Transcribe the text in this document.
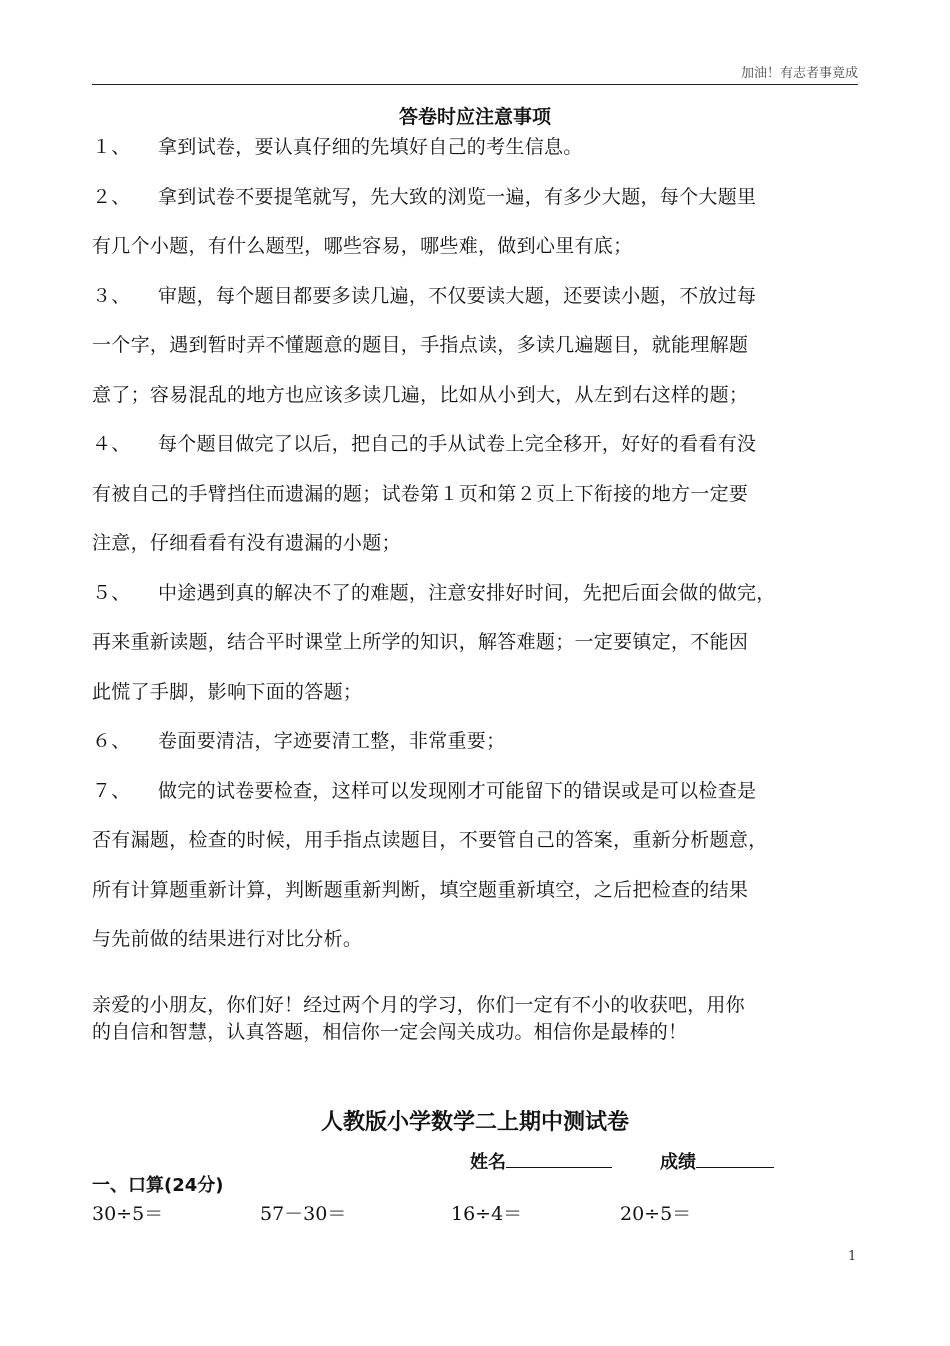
加油！有志者事竟成
答卷时应注意事项

１、 拿到试卷，要认真仔细的先填好自己的考生信息。

２、 拿到试卷不要提笔就写，先大致的浏览一遍，有多少大题，每个大题里

有几个小题，有什么题型，哪些容易，哪些难，做到心里有底；

３、 审题，每个题目都要多读几遍，不仅要读大题，还要读小题，不放过每

一个字，遇到暂时弄不懂题意的题目，手指点读，多读几遍题目，就能理解题

意了；容易混乱的地方也应该多读几遍，比如从小到大，从左到右这样的题；

４、 每个题目做完了以后，把自己的手从试卷上完全移开，好好的看看有没

有被自己的手臂挡住而遗漏的题；试卷第１页和第２页上下衔接的地方一定要

注意，仔细看看有没有遗漏的小题；

５、 中途遇到真的解决不了的难题，注意安排好时间，先把后面会做的做完，

再来重新读题，结合平时课堂上所学的知识，解答难题；一定要镇定，不能因

此慌了手脚，影响下面的答题；

６、 卷面要清洁，字迹要清工整，非常重要；

７、 做完的试卷要检查，这样可以发现刚才可能留下的错误或是可以检查是

否有漏题，检查的时候，用手指点读题目，不要管自己的答案，重新分析题意，

所有计算题重新计算，判断题重新判断，填空题重新填空，之后把检查的结果

与先前做的结果进行对比分析。

亲爱的小朋友，你们好！经过两个月的学习，你们一定有不小的收获吧，用你
的自信和智慧，认真答题，相信你一定会闯关成功。相信你是最棒的！
人教版小学数学二上期中测试卷
姓名	成绩
一、口算(24分)
30÷5＝	57－30＝	16÷4＝	20÷5＝
1
